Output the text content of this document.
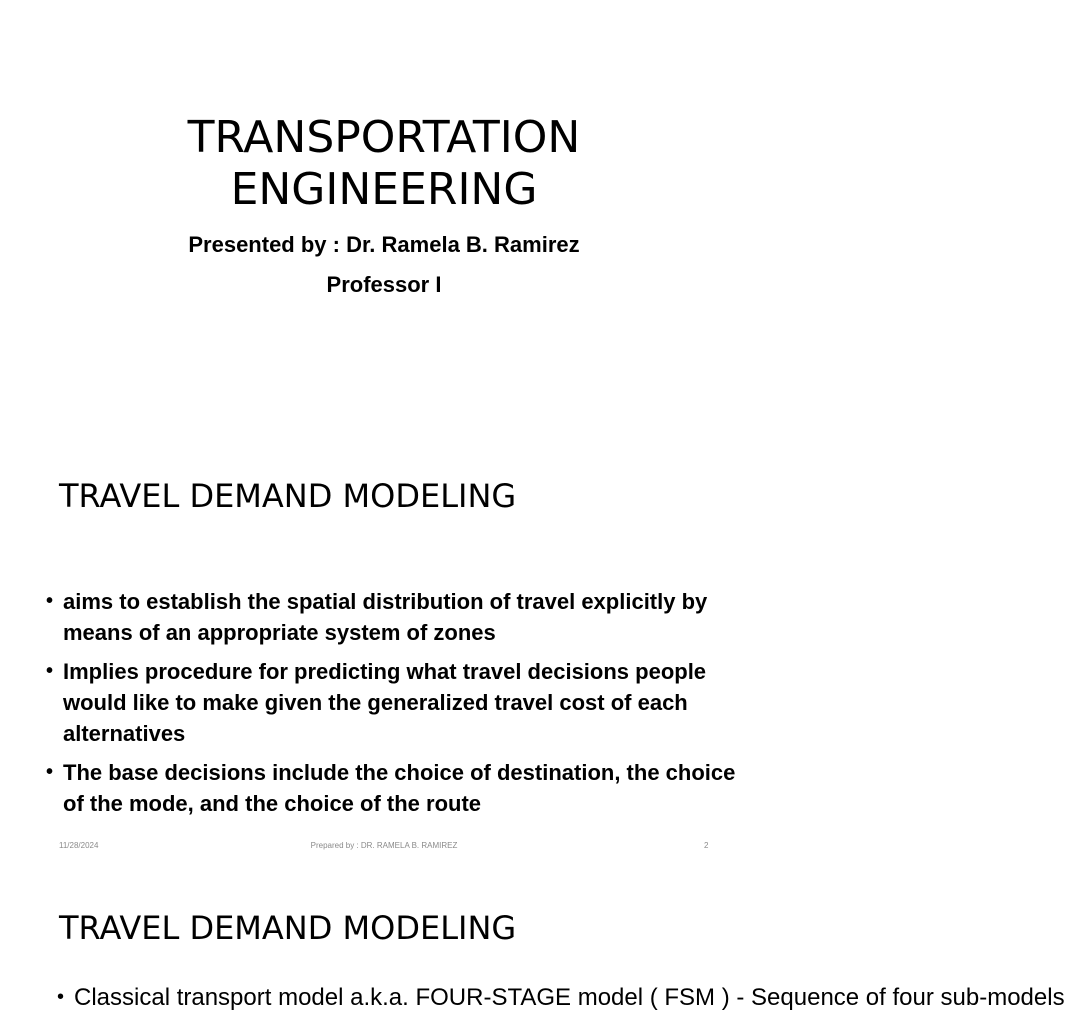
TRANSPORTATION
ENGINEERING
Presented by : Dr. Ramela B. Ramirez
Professor I
TRAVEL DEMAND MODELING
• aims to establish the spatial distribution of travel explicitly by means of an appropriate system of zones
• Implies procedure for predicting what travel decisions people would like to make given the generalized travel cost of each alternatives
• The base decisions include the choice of destination, the choice of the mode, and the choice of the route
11/28/2024	Prepared by : DR. RAMELA B. RAMIREZ	2
TRAVEL DEMAND MODELING
• Classical transport model a.k.a. FOUR-STAGE model ( FSM ) - Sequence of four sub-models
